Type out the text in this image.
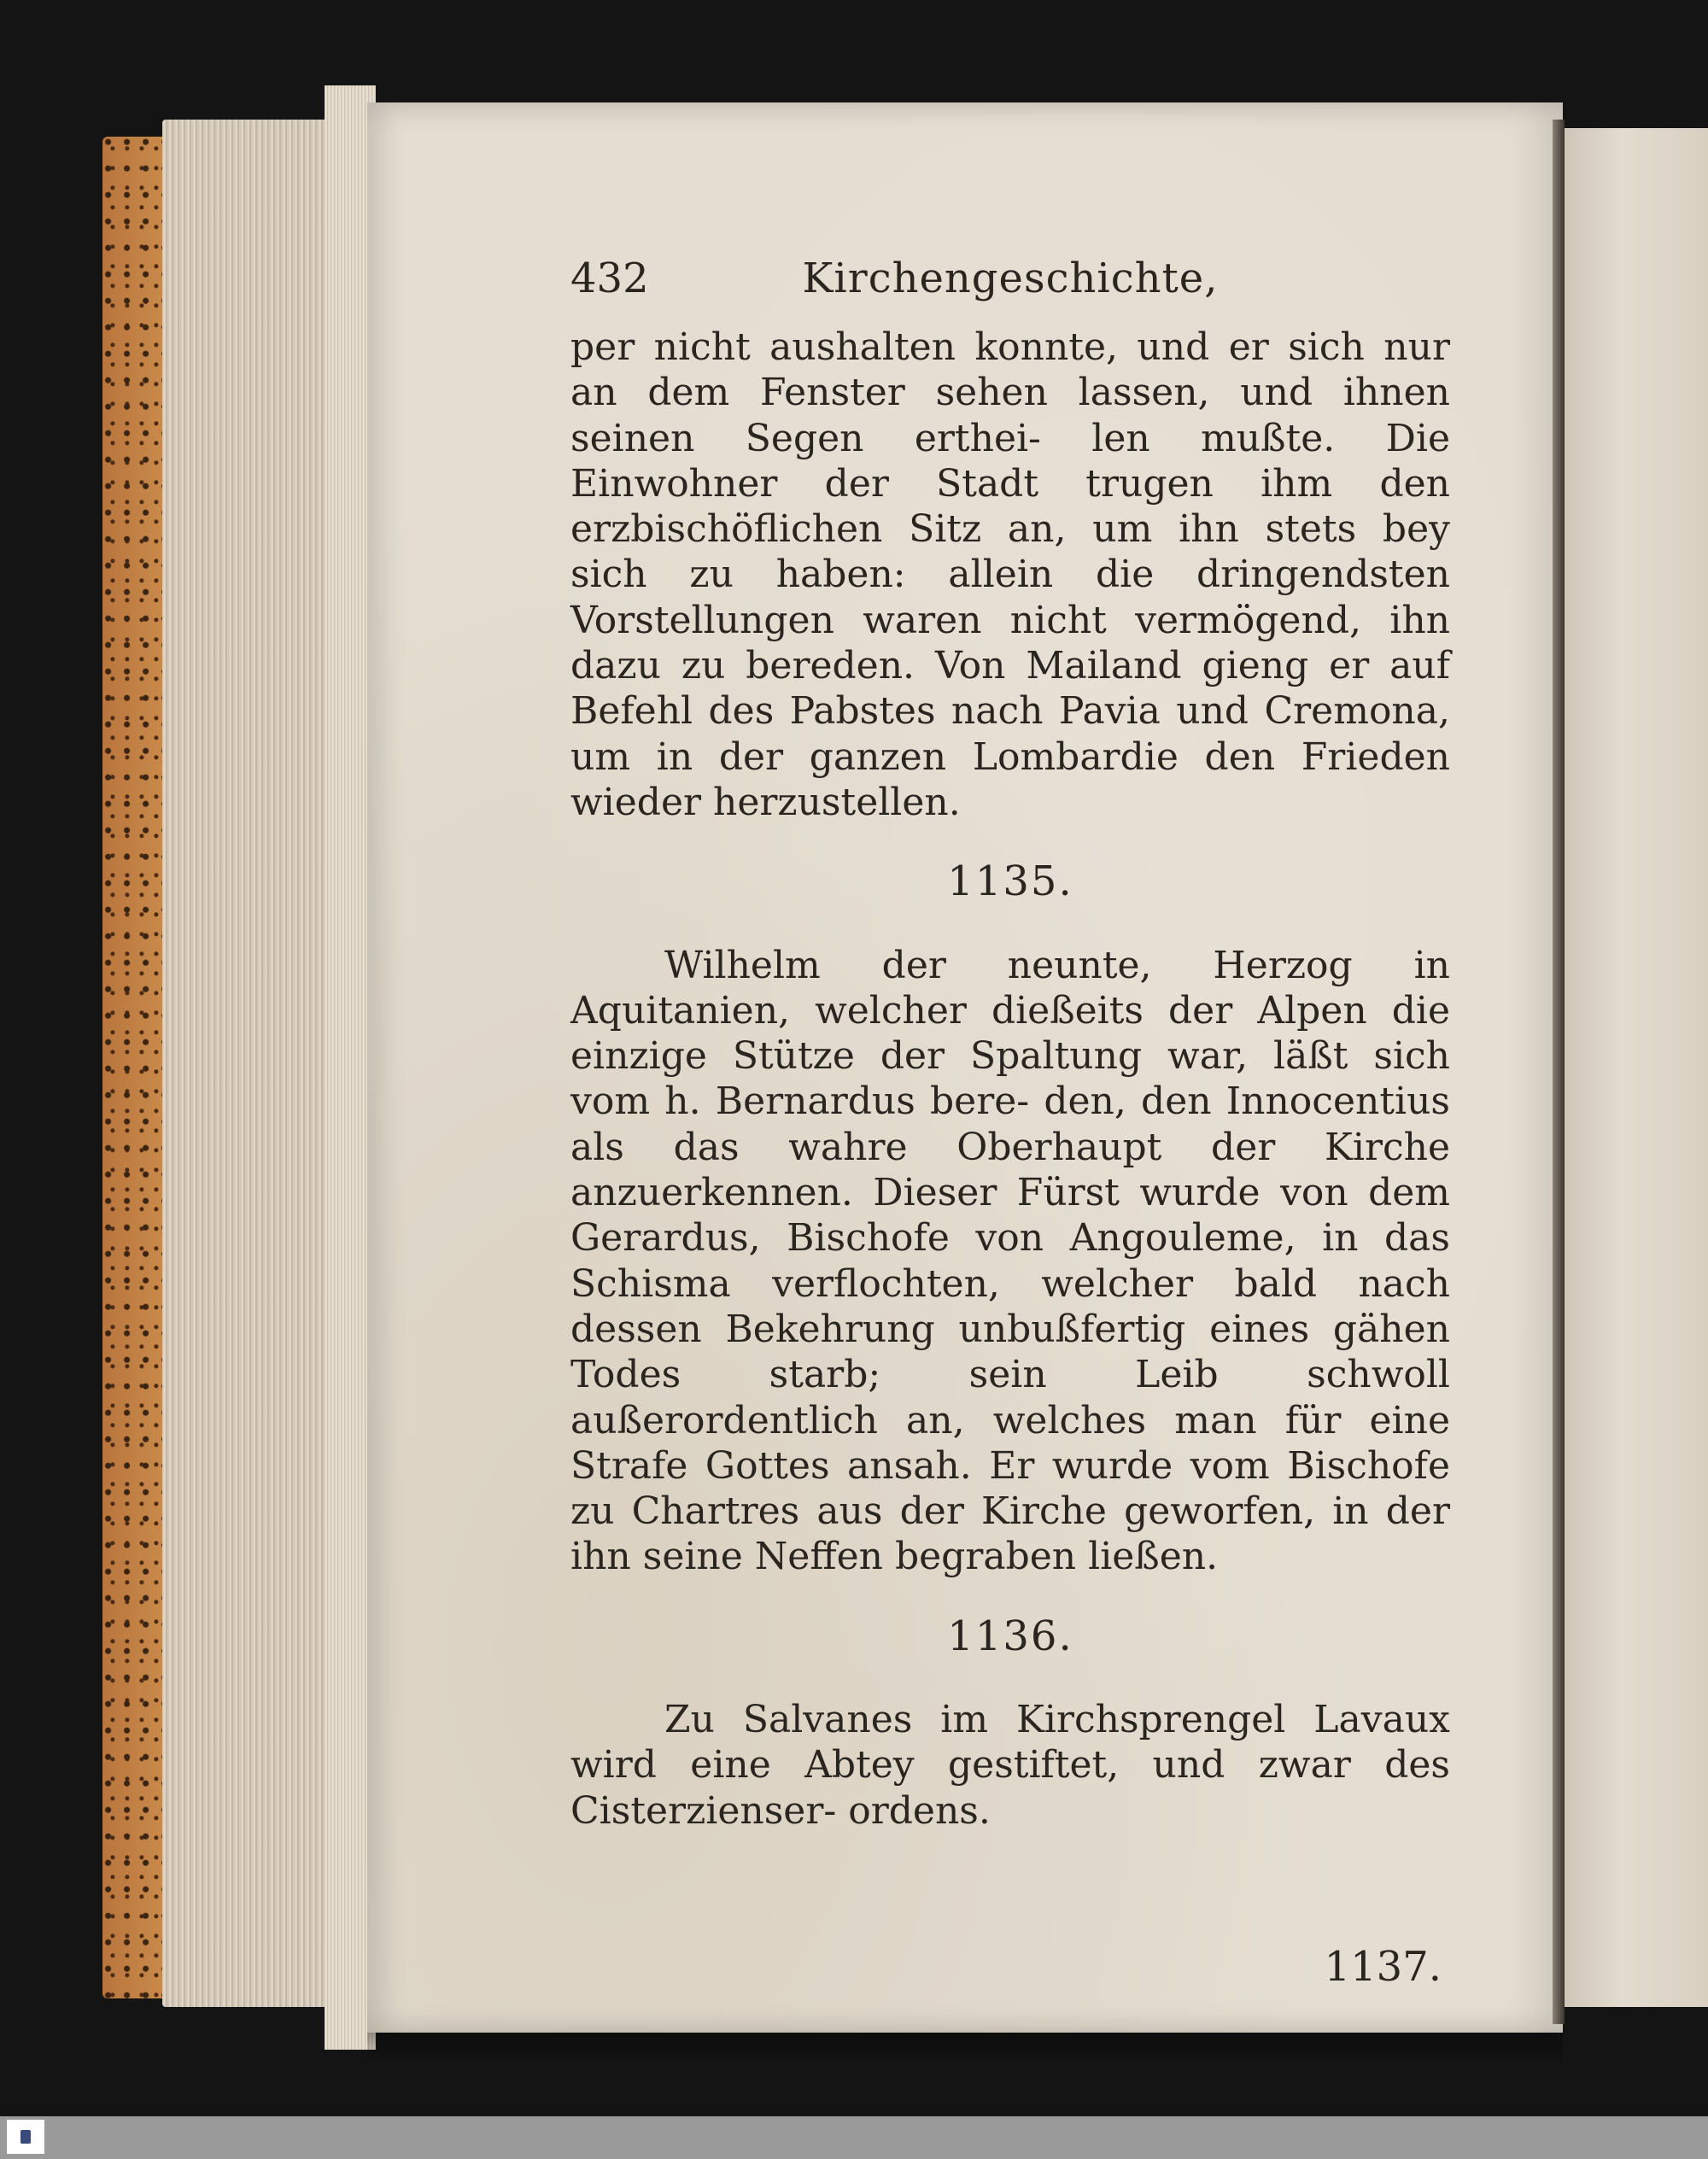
432	Kirchengeschichte,

per nicht aushalten konnte, und er sich nur an dem Fenster sehen lassen, und ihnen seinen Segen erthei- len mußte. Die Einwohner der Stadt trugen ihm den erzbischöflichen Sitz an, um ihn stets bey sich zu haben: allein die dringendsten Vorstellungen waren nicht vermögend, ihn dazu zu bereden. Von Mailand gieng er auf Befehl des Pabstes nach Pavia und Cremona, um in der ganzen Lombardie den Frieden wieder herzustellen.

1135.

Wilhelm der neunte, Herzog in Aquitanien, welcher dießeits der Alpen die einzige Stütze der Spaltung war, läßt sich vom h. Bernardus bere- den, den Innocentius als das wahre Oberhaupt der Kirche anzuerkennen. Dieser Fürst wurde von dem Gerardus, Bischofe von Angouleme, in das Schisma verflochten, welcher bald nach dessen Bekehrung unbußfertig eines gähen Todes starb; sein Leib schwoll außerordentlich an, welches man für eine Strafe Gottes ansah. Er wurde vom Bischofe zu Chartres aus der Kirche geworfen, in der ihn seine Neffen begraben ließen.

1136.

Zu Salvanes im Kirchsprengel Lavaux wird eine Abtey gestiftet, und zwar des Cisterzienser- ordens.

1137.
